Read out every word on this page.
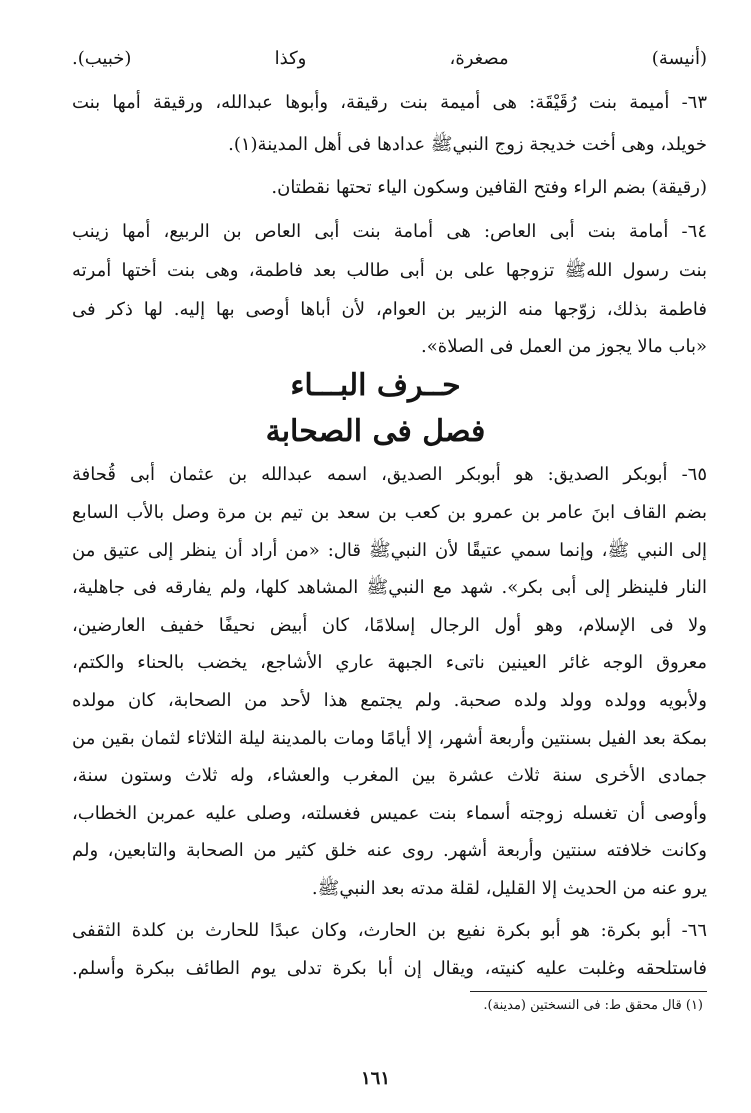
(أنيسة) مصغرة، وكذا (خبيب).
٦٣- أميمة بنت رُقَيْقَة: هى أميمة بنت رقيقة، وأبوها عبدالله، ورقيقة أمها بنت
خويلد، وهى أخت خديجة زوج النبيﷺ عدادها فى أهل المدينة(١).
(رقيقة) بضم الراء وفتح القافين وسكون الياء تحتها نقطتان.
٦٤- أمامة بنت أبى العاص: هى أمامة بنت أبى العاص بن الربيع، أمها زينب
بنت رسول اللهﷺ تزوجها على بن أبى طالب بعد فاطمة، وهى بنت أختها أمرته
فاطمة بذلك، زوّجها منه الزبير بن العوام، لأن أباها أوصى بها إليه. لها ذكر فى
«باب مالا يجوز من العمل فى الصلاة».
حــرف البـــاء
فصل فى الصحابة
٦٥- أبوبكر الصديق: هو أبوبكر الصديق، اسمه عبدالله بن عثمان أبى قُحافة
بضم القاف ابنَ عامر بن عمرو بن كعب بن سعد بن تيم بن مرة وصل بالأب السابع
إلى النبي ﷺ، وإنما سمي عتيقًا لأن النبيﷺ قال: «من أراد أن ينظر إلى عتيق من
النار فلينظر إلى أبى بكر». شهد مع النبيﷺ المشاهد كلها، ولم يفارقه فى جاهلية،
ولا فى الإسلام، وهو أول الرجال إسلامًا، كان أبيض نحيفًا خفيف العارضين،
معروق الوجه غائر العينين ناتىء الجبهة عاري الأشاجع، يخضب بالحناء والكتم،
ولأبويه وولده وولد ولده صحبة. ولم يجتمع هذا لأحد من الصحابة، كان مولده
بمكة بعد الفيل بسنتين وأربعة أشهر، إلا أيامًا ومات بالمدينة ليلة الثلاثاء لثمان بقين من
جمادى الأخرى سنة ثلاث عشرة بين المغرب والعشاء، وله ثلاث وستون سنة،
وأوصى أن تغسله زوجته أسماء بنت عميس فغسلته، وصلى عليه عمربن الخطاب،
وكانت خلافته سنتين وأربعة أشهر. روى عنه خلق كثير من الصحابة والتابعين، ولم
يرو عنه من الحديث إلا القليل، لقلة مدته بعد النبيﷺ.
٦٦- أبو بكرة: هو أبو بكرة نفيع بن الحارث، وكان عبدًا للحارث بن كلدة الثقفى
فاستلحقه وغلبت عليه كنيته، ويقال إن أبا بكرة تدلى يوم الطائف ببكرة وأسلم.
(١) قال محقق ط: فى النسختين (مدينة).
١٦١
